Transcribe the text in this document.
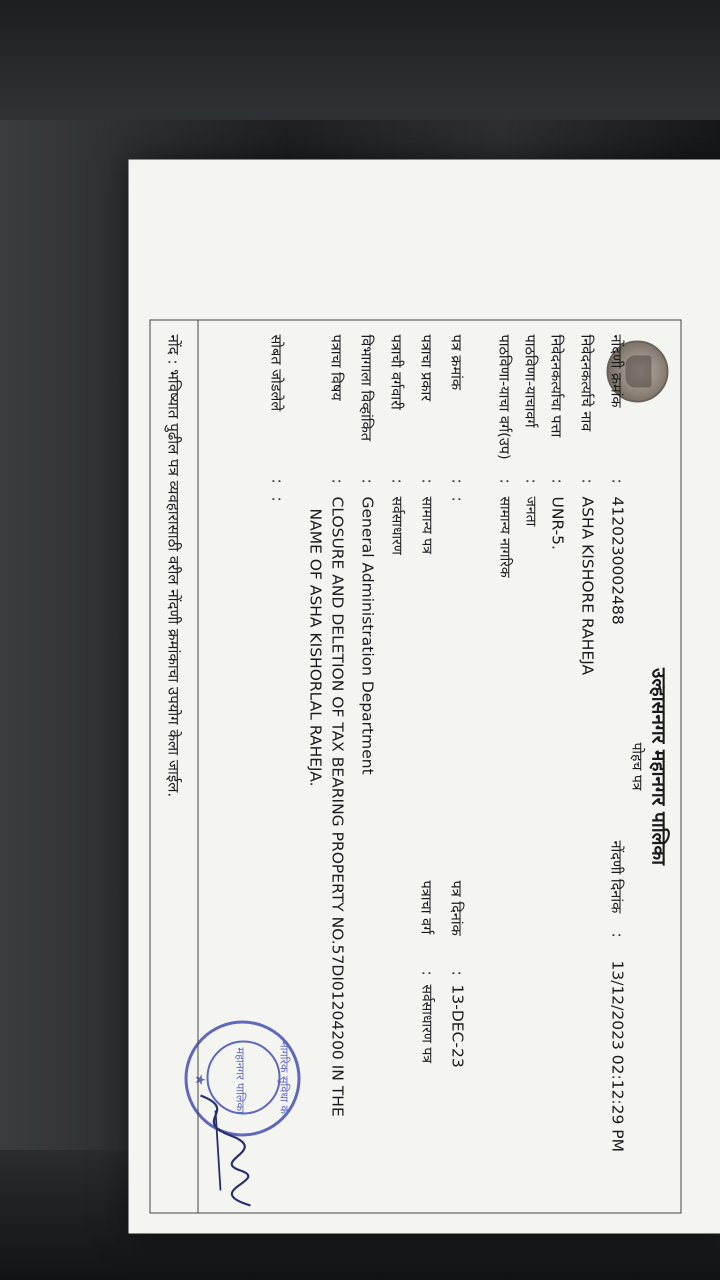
उल्हासनगर महानगर पालिका
पोहच पत्र
नोंदणी क्रमांक
:
4120230002488
नोंदणी दिनांक
:
13/12/2023 02:12:29 PM
निवेदनकर्त्याचे नाव
:
ASHA KISHORE RAHEJA
निवेदनकर्त्याचा पत्ता
:
UNR-5.
पाठविणा-याचावर्ग
:
जनता
पाठविणा-याचा वर्ग(उप)
:
सामान्य नागरिक
पत्र क्रमांक
:
:
पत्र दिनांक
:
13-DEC-23
पत्राचा प्रकार
:
सामान्य पत्र
पत्राचा वर्ग
:
सर्वसाधारण पत्र
पत्राची वर्गवारी
:
सर्वसाधारण
विभागाला विव्हांकित
:
General Administration Department
पत्राचा विषय
:
CLOSURE AND DELETION OF TAX BEARING PROPERTY NO.57DI01204200 IN THE
NAME OF ASHA KISHORLAL RAHEJA.
सोबत जोडलेले
:
:
नागरिक सुविधा कें
महानगर पालिका
★
नोंद : भविष्यात पुढील पत्र व्यवहारासाठी वरील नोंदणी क्रमांकाचा उपयोग केला जाईल.
